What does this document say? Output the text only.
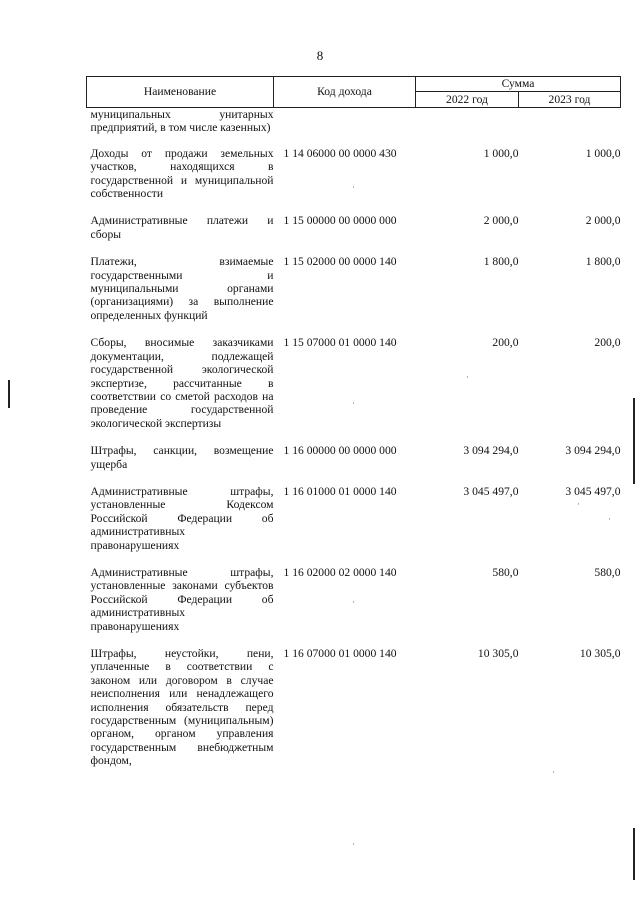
8
Наименование	Код дохода	Сумма	
		2022 год	2023 год
муниципальных унитарных предприятий, в том числе казенных)			
Доходы от продажи земельных участков, находящихся в государственной и муниципальной собственности	1 14 06000 00 0000 430	1 000,0	1 000,0
Административные платежи и сборы	1 15 00000 00 0000 000	2 000,0	2 000,0
Платежи, взимаемые государственными и муниципальными органами (организациями) за выполнение определенных функций	1 15 02000 00 0000 140	1 800,0	1 800,0
Сборы, вносимые заказчиками документации, подлежащей государственной экологической экспертизе, рассчитанные в соответствии со сметой расходов на проведение государственной экологической экспертизы	1 15 07000 01 0000 140	200,0	200,0
Штрафы, санкции, возмещение ущерба	1 16 00000 00 0000 000	3 094 294,0	3 094 294,0
Административные штрафы, установленные Кодексом Российской Федерации об административных правонарушениях	1 16 01000 01 0000 140	3 045 497,0	3 045 497,0
Административные штрафы, установленные законами субъектов Российской Федерации об административных правонарушениях	1 16 02000 02 0000 140	580,0	580,0
Штрафы, неустойки, пени, уплаченные в соответствии с законом или договором в случае неисполнения или ненадлежащего исполнения обязательств перед государственным (муниципальным) органом, органом управления государственным внебюджетным фондом,	1 16 07000 01 0000 140	10 305,0	10 305,0
·
·
·
·
·
·
·
·
